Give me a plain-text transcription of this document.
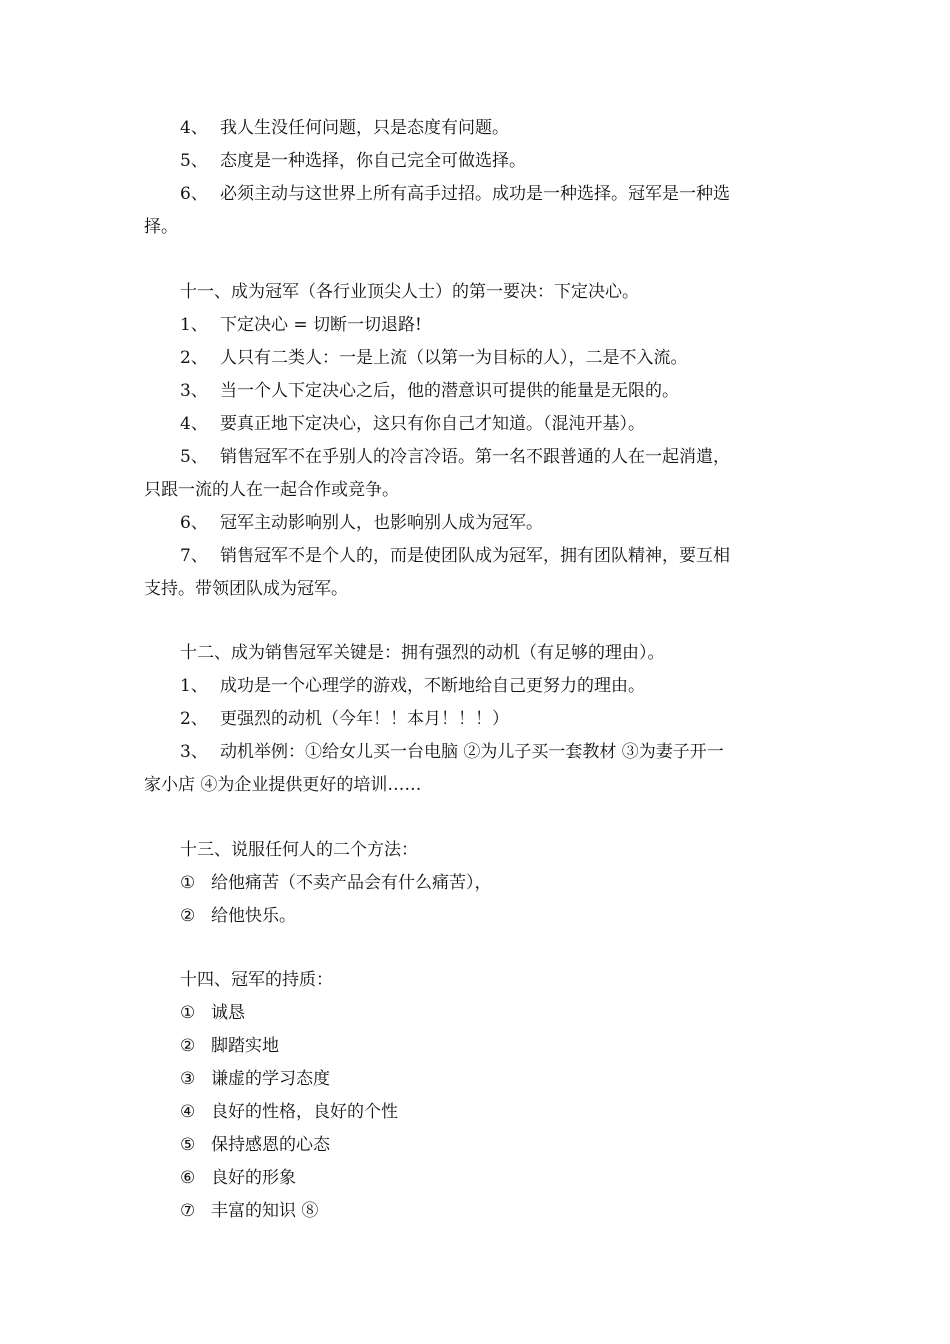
4、 我人生没任何问题，只是态度有问题。
5、 态度是一种选择，你自己完全可做选择。
6、 必须主动与这世界上所有高手过招。成功是一种选择。冠军是一种选
择。
十一、成为冠军（各行业顶尖人士）的第一要决：下定决心。
1、 下定决心 = 切断一切退路!
2、 人只有二类人：一是上流（以第一为目标的人），二是不入流。
3、 当一个人下定决心之后，他的潜意识可提供的能量是无限的。
4、 要真正地下定决心，这只有你自己才知道。（混沌开基）。
5、 销售冠军不在乎别人的冷言冷语。第一名不跟普通的人在一起消遣，
只跟一流的人在一起合作或竞争。
6、 冠军主动影响别人，也影响别人成为冠军。
7、 销售冠军不是个人的，而是使团队成为冠军，拥有团队精神，要互相
支持。带领团队成为冠军。
十二、成为销售冠军关键是：拥有强烈的动机（有足够的理由）。
1、 成功是一个心理学的游戏，不断地给自己更努力的理由。
2、 更强烈的动机（今年！！本月！！！）
3、 动机举例：①给女儿买一台电脑 ②为儿子买一套教材 ③为妻子开一
家小店 ④为企业提供更好的培训……
十三、说服任何人的二个方法：
① 给他痛苦（不卖产品会有什么痛苦），
② 给他快乐。
十四、冠军的持质：
① 诚恳
② 脚踏实地
③ 谦虚的学习态度
④ 良好的性格，良好的个性
⑤ 保持感恩的心态
⑥ 良好的形象
⑦ 丰富的知识 ⑧
